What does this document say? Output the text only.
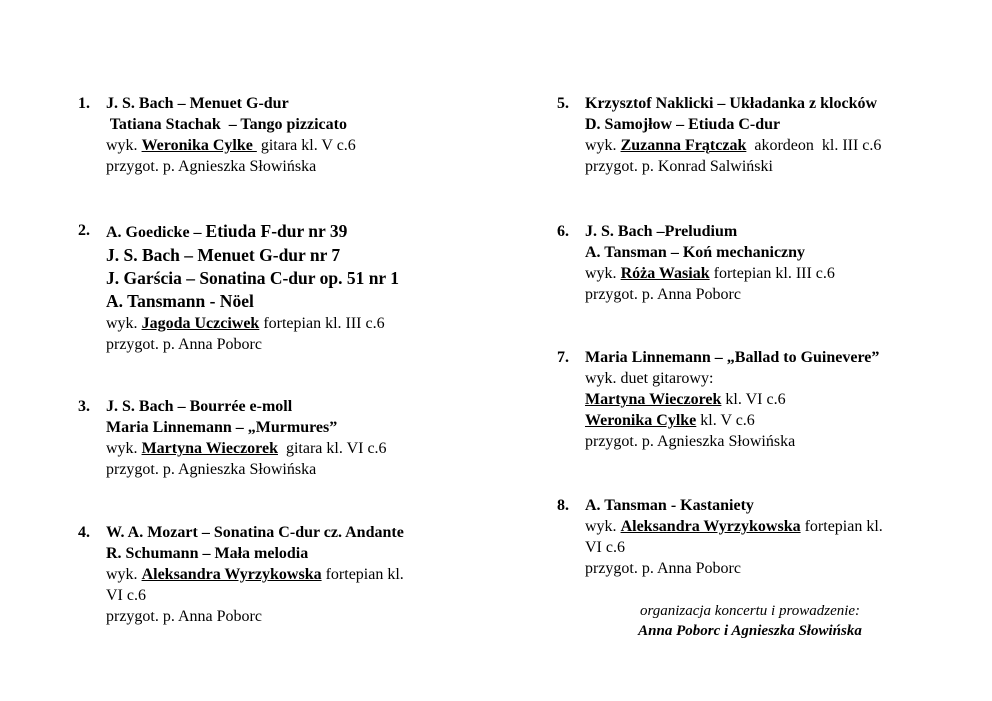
1. J. S. Bach – Menuet G-dur
Tatiana Stachak  – Tango pizzicato
wyk. Weronika Cylke  gitara kl. V c.6
przygot. p. Agnieszka Słowińska
2. A. Goedicke – Etiuda F-dur nr 39
J. S. Bach – Menuet G-dur nr 7
J. Garścia – Sonatina C-dur op. 51 nr 1
A. Tansmann - Nöel
wyk. Jagoda Uczciwek fortepian kl. III c.6
przygot. p. Anna Poborc
3. J. S. Bach – Bourrée e-moll
Maria Linnemann – „Murmures”
wyk. Martyna Wieczorek  gitara kl. VI c.6
przygot. p. Agnieszka Słowińska
4. W. A. Mozart – Sonatina C-dur cz. Andante
R. Schumann – Mała melodia
wyk. Aleksandra Wyrzykowska fortepian kl.
VI c.6
przygot. p. Anna Poborc
5. Krzysztof Naklicki – Układanka z klocków
D. Samojłow – Etiuda C-dur
wyk. Zuzanna Frątczak  akordeon  kl. III c.6
przygot. p. Konrad Salwiński
6. J. S. Bach –Preludium
A. Tansman – Koń mechaniczny
wyk. Róża Wasiak fortepian kl. III c.6
przygot. p. Anna Poborc
7. Maria Linnemann – „Ballad to Guinevere”
wyk. duet gitarowy:
Martyna Wieczorek kl. VI c.6
Weronika Cylke kl. V c.6
przygot. p. Agnieszka Słowińska
8. A. Tansman - Kastaniety
wyk. Aleksandra Wyrzykowska fortepian kl.
VI c.6
przygot. p. Anna Poborc
organizacja koncertu i prowadzenie:
Anna Poborc i Agnieszka Słowińska
